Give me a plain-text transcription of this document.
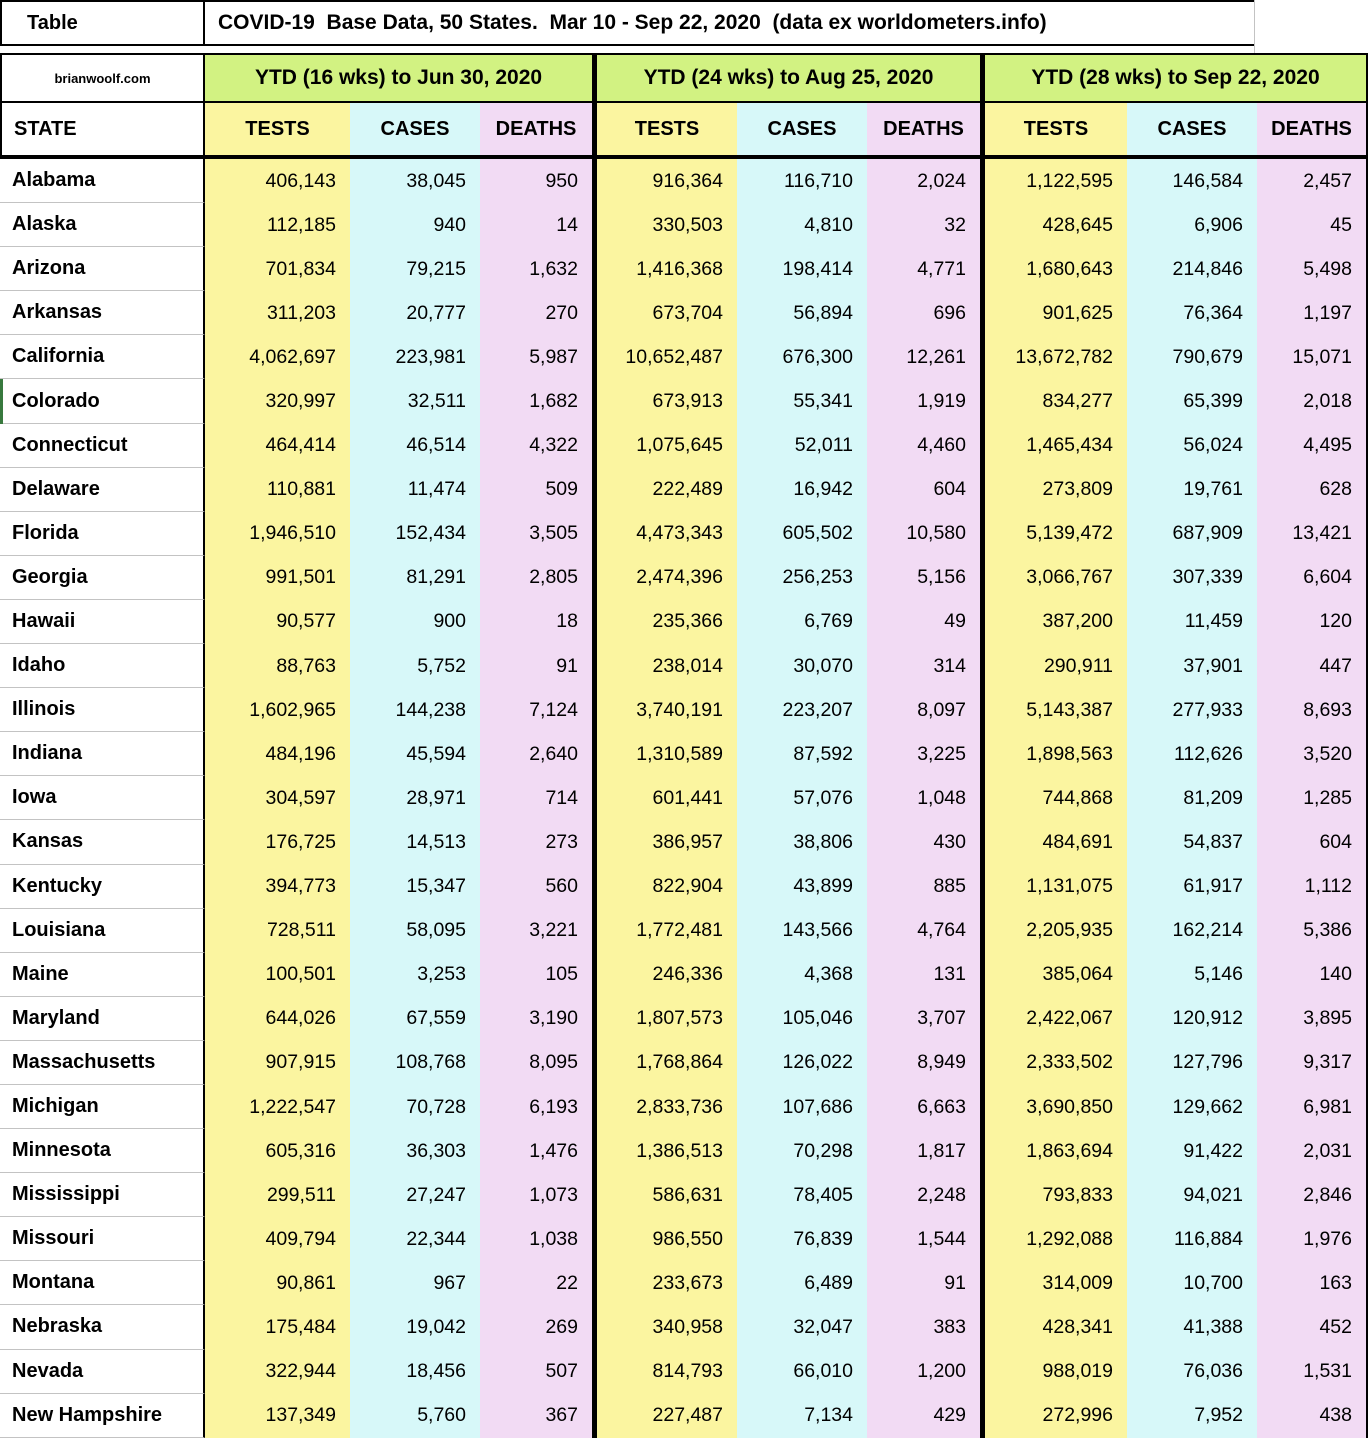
Table	COVID-19  Base Data, 50 States.  Mar 10 - Sep 22, 2020  (data ex worldometers.info)
brianwoolf.com	YTD (16 wks) to Jun 30, 2020	YTD (24 wks) to Aug 25, 2020	YTD (28 wks) to Sep 22, 2020
STATE	TESTS	CASES	DEATHS	TESTS	CASES	DEATHS	TESTS	CASES	DEATHS
Alabama	406,143	38,045	950	916,364	116,710	2,024	1,122,595	146,584	2,457
Alaska	112,185	940	14	330,503	4,810	32	428,645	6,906	45
Arizona	701,834	79,215	1,632	1,416,368	198,414	4,771	1,680,643	214,846	5,498
Arkansas	311,203	20,777	270	673,704	56,894	696	901,625	76,364	1,197
California	4,062,697	223,981	5,987	10,652,487	676,300	12,261	13,672,782	790,679	15,071
Colorado	320,997	32,511	1,682	673,913	55,341	1,919	834,277	65,399	2,018
Connecticut	464,414	46,514	4,322	1,075,645	52,011	4,460	1,465,434	56,024	4,495
Delaware	110,881	11,474	509	222,489	16,942	604	273,809	19,761	628
Florida	1,946,510	152,434	3,505	4,473,343	605,502	10,580	5,139,472	687,909	13,421
Georgia	991,501	81,291	2,805	2,474,396	256,253	5,156	3,066,767	307,339	6,604
Hawaii	90,577	900	18	235,366	6,769	49	387,200	11,459	120
Idaho	88,763	5,752	91	238,014	30,070	314	290,911	37,901	447
Illinois	1,602,965	144,238	7,124	3,740,191	223,207	8,097	5,143,387	277,933	8,693
Indiana	484,196	45,594	2,640	1,310,589	87,592	3,225	1,898,563	112,626	3,520
Iowa	304,597	28,971	714	601,441	57,076	1,048	744,868	81,209	1,285
Kansas	176,725	14,513	273	386,957	38,806	430	484,691	54,837	604
Kentucky	394,773	15,347	560	822,904	43,899	885	1,131,075	61,917	1,112
Louisiana	728,511	58,095	3,221	1,772,481	143,566	4,764	2,205,935	162,214	5,386
Maine	100,501	3,253	105	246,336	4,368	131	385,064	5,146	140
Maryland	644,026	67,559	3,190	1,807,573	105,046	3,707	2,422,067	120,912	3,895
Massachusetts	907,915	108,768	8,095	1,768,864	126,022	8,949	2,333,502	127,796	9,317
Michigan	1,222,547	70,728	6,193	2,833,736	107,686	6,663	3,690,850	129,662	6,981
Minnesota	605,316	36,303	1,476	1,386,513	70,298	1,817	1,863,694	91,422	2,031
Mississippi	299,511	27,247	1,073	586,631	78,405	2,248	793,833	94,021	2,846
Missouri	409,794	22,344	1,038	986,550	76,839	1,544	1,292,088	116,884	1,976
Montana	90,861	967	22	233,673	6,489	91	314,009	10,700	163
Nebraska	175,484	19,042	269	340,958	32,047	383	428,341	41,388	452
Nevada	322,944	18,456	507	814,793	66,010	1,200	988,019	76,036	1,531
New Hampshire	137,349	5,760	367	227,487	7,134	429	272,996	7,952	438
